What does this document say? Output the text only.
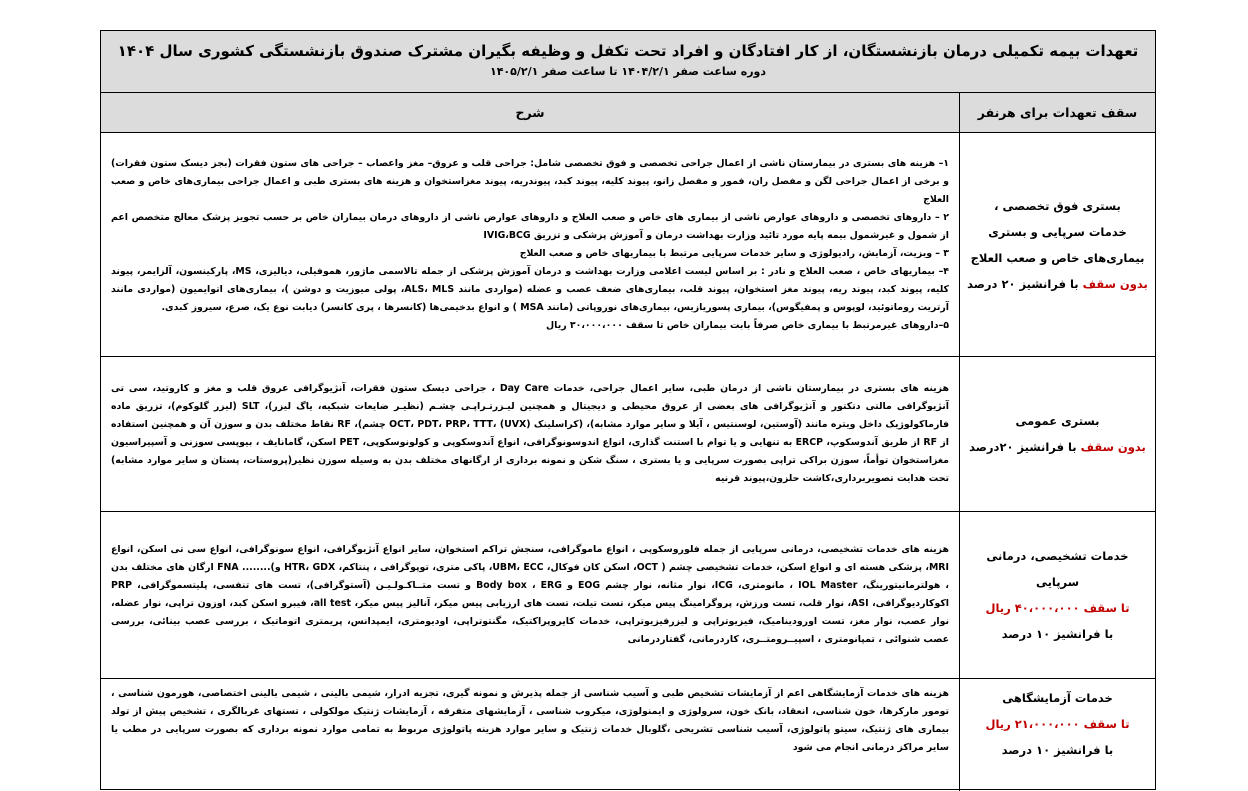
تعهدات بیمه تکمیلی درمان بازنشستگان، از کار افتادگان و افراد تحت تکفل و وظیفه بگیران مشترک صندوق بازنشستگی کشوری سال ۱۴۰۴
دوره ساعت صفر ۱۴۰۴/۲/۱ تا ساعت صفر ۱۴۰۵/۲/۱
سقف تعهدات برای هرنفر
شرح
بستری فوق تخصصی ،
خدمات سرپایی و بستری
بیماری‌های خاص و صعب العلاج
بدون سقف با فرانشیز ۲۰ درصد

۱– هزینه های بستری در بیمارستان ناشی از اعمال جراحی تخصصی و فوق تخصصی شامل: جراحی قلب و عروق– مغز واعصاب – جراحی های ستون فقرات (بجز دیسک ستون فقرات) و برخی از اعمال جراحی لگن و مفصل ران، فمور و مفصل زانو، پیوند کلیه، پیوند کبد، پیوندریه، پیوند مغزاستخوان و هزینه های بستری طبی و اعمال جراحی بیماری‌های خاص و صعب العلاج

۲ – داروهای تخصصی و داروهای عوارض ناشی از بیماری های خاص و صعب العلاج و داروهای عوارض ناشی از داروهای درمان بیماران خاص بر حسب تجویز پزشک معالج متخصص اعم از شمول و غیرشمول بیمه پایه مورد تائید وزارت بهداشت درمان و آموزش پزشکی و تزریق IVIG،BCG

۳ – ویزیت، آزمایش، رادیولوژی و سایر خدمات سرپایی مرتبط با بیماریهای خاص و صعب العلاج

۴– بیماریهای خاص ، صعب العلاج و نادر : بر اساس لیست اعلامی وزارت بهداشت و درمان آموزش پزشکی از جمله تالاسمی ماژور، هموفیلی، دیالیزی، MS، پارکینسون، آلزایمر، پیوند کلیه، پیوند کبد، پیوند ریه، پیوند مغز استخوان، پیوند قلب، بیماری‌های ضعف عصب و عضله (مواردی مانند ALS، MLS، پولی میوزیت و دوشن )، بیماری‌های اتوایمیون (مواردی مانند آرتریت روماتوئید، لوپوس و پمفیگوس)، بیماری پسوریازیس، بیماری‌های نوروپاتی (مانند MSA ) و انواع بدخیمی‌ها (کانسرها ، پری کانسر) دیابت نوع یک، صرع، سیروز کبدی.

۵–داروهای غیرمرتبط با بیماری خاص صرفاً بابت بیماران خاص تا سقف ۳۰،۰۰۰،۰۰۰ ریال

بستری عمومی
بدون سقف با فرانشیز ۲۰درصد

هزینه های بستری در بیمارستان ناشی از درمان طبی، سایر اعمال جراحی، خدمات Day Care ، جراحی دیسک ستون فقرات، آنژیوگرافی عروق قلب و مغز و کاروتید، سی تی آنژیوگرافی مالتی دتکتور و آنژیوگرافی های بعضی از عروق محیطی و دیجیتال و همچنین لیـزرتـراپـی چشـم (نظیـر ضایعات شبکیه، یاگ لیزر)، SLT (لیزر گلوکوم)، تزریق ماده فارماکولوژیک داخل ویتره مانند (آوستین، لوسنتیس ، آیلا و سایر موارد مشابه)، (کراسلینک OCT، PDT، PRP، TTT، (UVX) چشم)، RF نقاط مختلف بدن و سوزن آن و همچنین استفاده از RF از طریق آندوسکوپ، ERCP به تنهایی و یا توام با استنت گذاری، انواع اندوسونوگرافی، انواع آندوسکوپی و کولونوسکوپی، PET اسکن، گامانایف ، بیوپسی سوزنی و آسپیراسیون مغزاستخوان توأماً، سوزن براکی تراپی بصورت سرپایی و یا بستری ، سنگ شکن و نمونه برداری از ارگانهای مختلف بدن به وسیله سوزن نظیر(پروستات، پستان و سایر موارد مشابه) تحت هدایت تصویربرداری،کاشت حلزون،پیوند قرنیه

خدمات تشخیصی، درمانی سرپایی
تا سقف ۴۰،۰۰۰،۰۰۰ ریال
با فرانشیز ۱۰ درصد

هزینه های خدمات تشخیصی، درمانی سرپایی از جمله فلوروسکوپی ، انواع ماموگرافی، سنجش تراکم استخوان، سایر انواع آنژیوگرافی، انواع سونوگرافی، انواع سی تی اسکن، انواع MRI، پزشکی هسته ای و انواع اسکن، خدمات تشخیصی چشم ( OCT، اسکن کان فوکال، UBM، ECC، پاکی متری، توپوگرافی ، پنتاکم، HTR، GDX و)........ FNA ارگان های مختلف بدن ، هولترمانیتورینگ، IOL Master ، مانومتری، ICG، نوار مثانه، نوار چشم EOG و Body box ، ERG و تست متــاکـولـیـن (آستوگرافی)، تست‌ های تنفسی، پلیتسموگرافی، PRP اکوکاردیوگرافی، ASI، نوار قلب، تست ورزش، پروگرامینگ پیس میکر، تست تیلت، تست های ارزیابی پیس میکر، آنالیز پیس میکر، all test، فیبرو اسکن کبد، اوزون تراپی، نوار عضله، نوار عصب، نوار مغز، تست اورودینامیک، فیزیوتراپی و لیزرفیزیوتراپی، خدمات کایروپراکتیک، مگنتوتراپی، اودیومتری، ایمپدانس، پریمتری اتوماتیک ، بررسی عصب بینائی، بررسی عصب شنوائی ، تمپانومتری ، اسپیــرومتــری، کاردرمانی، گفتاردرمانی

خدمات آزمایشگاهی
تا سقف ۲۱،۰۰۰،۰۰۰ ریال
با فرانشیز ۱۰ درصد

هزینه های خدمات آزمایشگاهی اعم از آزمایشات تشخیص طبی و آسیب شناسی از جمله پذیرش و نمونه گیری، تجزیه ادرار، شیمی بالینی ، شیمی بالینی اختصاصی، هورمون شناسی ، تومور مارکرها، خون شناسی، انعقاد، بانک خون، سرولوژی و ایمنولوژی، میکروب شناسی ، آزمایشهای متفرقه ، آزمایشات ژنتیک مولکولی ، تستهای غربالگری ، تشخیص پیش از تولد بیماری های ژنتیک، سیتو پاتولوژی، آسیب شناسی تشریحی ،گلوبال خدمات ژنتیک و سایر موارد هزینه پاتولوژی مربوط به تمامی موارد نمونه برداری که بصورت سرپایی در مطب یا سایر مراکز درمانی انجام می شود
